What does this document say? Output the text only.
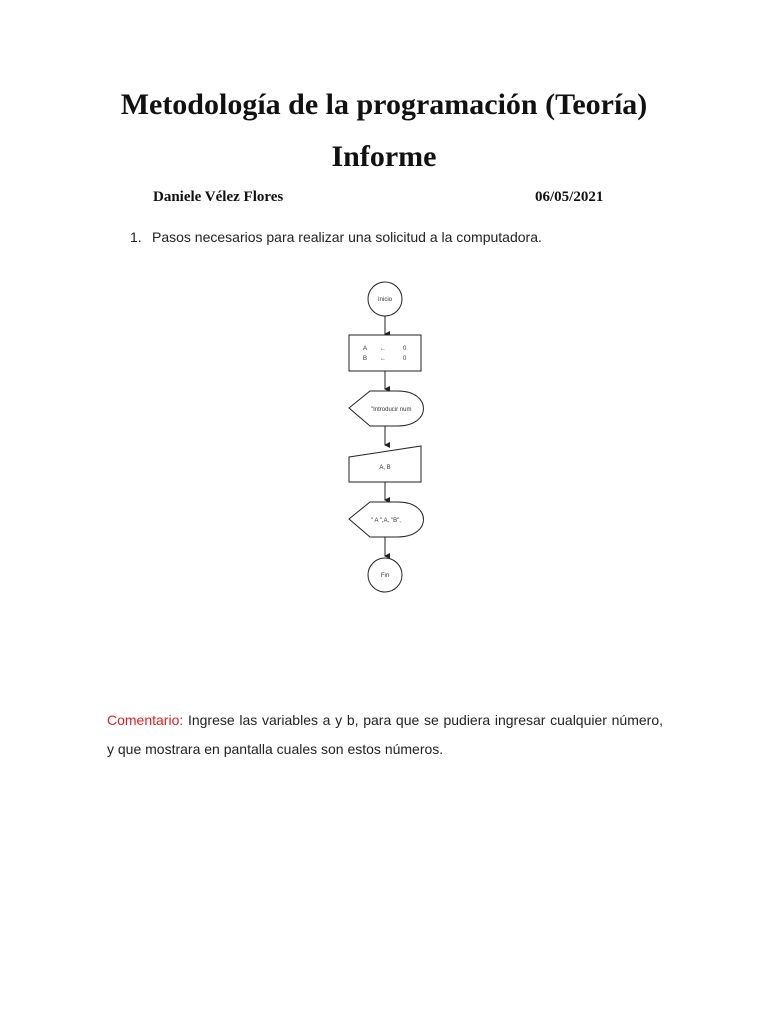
Metodología de la programación (Teoría)
Informe
Daniele Vélez Flores	06/05/2021
1. Pasos necesarios para realizar una solicitud a la computadora.
Inicio
A ←	0
B ←	0
"Introducir num
A, B
" A ",A, "B",
Fin

Comentario: Ingrese las variables a y b, para que se pudiera ingresar cualquier número, y que mostrara en pantalla cuales son estos números.
